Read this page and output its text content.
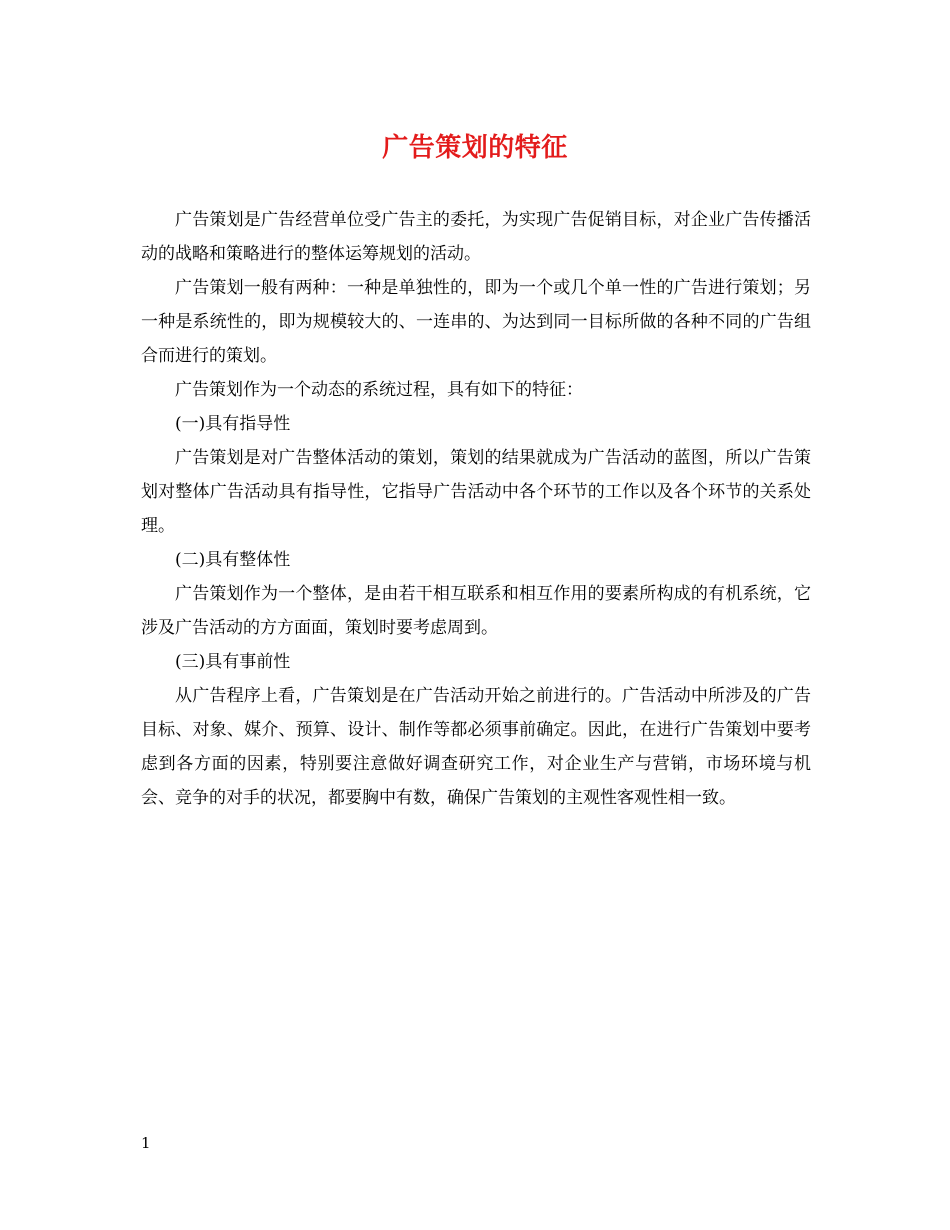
广告策划的特征

广告策划是广告经营单位受广告主的委托，为实现广告促销目标，对企业广告传播活动的战略和策略进行的整体运筹规划的活动。

广告策划一般有两种：一种是单独性的，即为一个或几个单一性的广告进行策划；另一种是系统性的，即为规模较大的、一连串的、为达到同一目标所做的各种不同的广告组合而进行的策划。

广告策划作为一个动态的系统过程，具有如下的特征：

(一)具有指导性

广告策划是对广告整体活动的策划，策划的结果就成为广告活动的蓝图，所以广告策划对整体广告活动具有指导性，它指导广告活动中各个环节的工作以及各个环节的关系处理。

(二)具有整体性

广告策划作为一个整体，是由若干相互联系和相互作用的要素所构成的有机系统，它涉及广告活动的方方面面，策划时要考虑周到。

(三)具有事前性

从广告程序上看，广告策划是在广告活动开始之前进行的。广告活动中所涉及的广告目标、对象、媒介、预算、设计、制作等都必须事前确定。因此，在进行广告策划中要考虑到各方面的因素，特别要注意做好调查研究工作，对企业生产与营销，市场环境与机会、竞争的对手的状况，都要胸中有数，确保广告策划的主观性客观性相一致。

1
